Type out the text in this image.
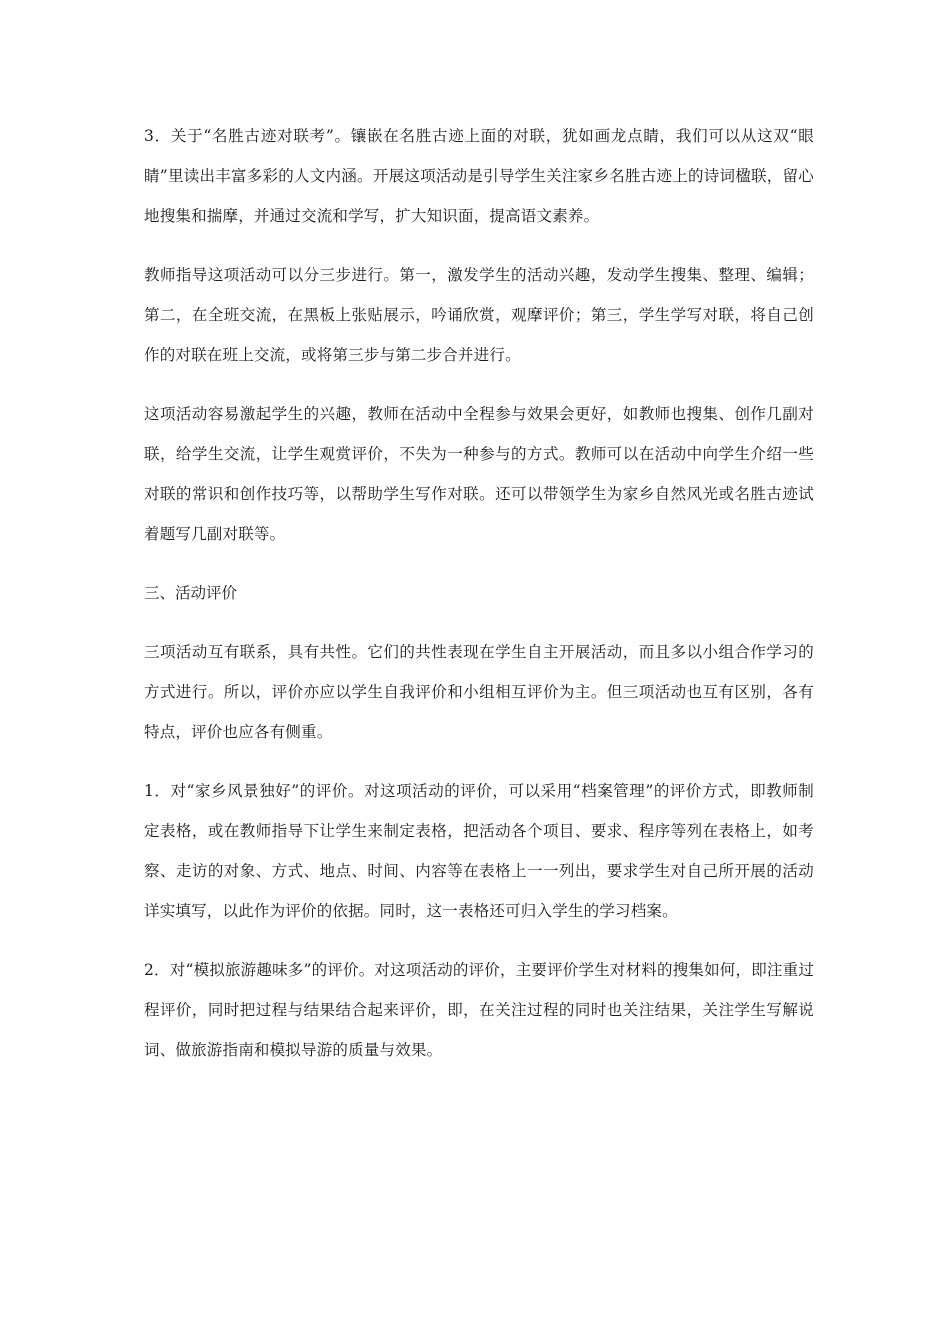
3．关于“名胜古迹对联考”。镶嵌在名胜古迹上面的对联，犹如画龙点睛，我们可以从这双“眼睛”里读出丰富多彩的人文内涵。开展这项活动是引导学生关注家乡名胜古迹上的诗词楹联，留心地搜集和揣摩，并通过交流和学写，扩大知识面，提高语文素养。

教师指导这项活动可以分三步进行。第一，激发学生的活动兴趣，发动学生搜集、整理、编辑；第二，在全班交流，在黑板上张贴展示，吟诵欣赏，观摩评价；第三，学生学写对联，将自己创作的对联在班上交流，或将第三步与第二步合并进行。

这项活动容易激起学生的兴趣，教师在活动中全程参与效果会更好，如教师也搜集、创作几副对联，给学生交流，让学生观赏评价，不失为一种参与的方式。教师可以在活动中向学生介绍一些对联的常识和创作技巧等，以帮助学生写作对联。还可以带领学生为家乡自然风光或名胜古迹试着题写几副对联等。

三、活动评价

三项活动互有联系，具有共性。它们的共性表现在学生自主开展活动，而且多以小组合作学习的方式进行。所以，评价亦应以学生自我评价和小组相互评价为主。但三项活动也互有区别，各有特点，评价也应各有侧重。

1．对“家乡风景独好”的评价。对这项活动的评价，可以采用“档案管理”的评价方式，即教师制定表格，或在教师指导下让学生来制定表格，把活动各个项目、要求、程序等列在表格上，如考察、走访的对象、方式、地点、时间、内容等在表格上一一列出，要求学生对自己所开展的活动详实填写，以此作为评价的依据。同时，这一表格还可归入学生的学习档案。

2．对“模拟旅游趣味多”的评价。对这项活动的评价，主要评价学生对材料的搜集如何，即注重过程评价，同时把过程与结果结合起来评价，即，在关注过程的同时也关注结果，关注学生写解说词、做旅游指南和模拟导游的质量与效果。
